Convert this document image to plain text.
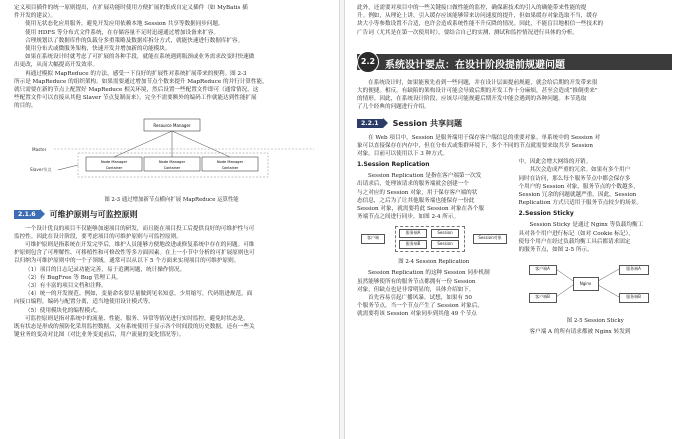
定义项目插件的统一原则提出，在扩展功能时使用方便扩展的集成自定义插件（如 MyBatis 插

件开发的建议）。

使用无状态化应用服务，避免开发应用依赖本地 Session 共享等数据同步问题。

使用 HDFS 等分布式文件系统，在存储容量不足时迅速通过增加设备来扩容。

合理规划以了数据库作的负载分多重策略及数据库拆分方式，就能快速进行数据库扩容。

使用分布式或微服务架构，快速开发并增加新的功能模块。

如果在系统设计时就考虑了可扩展的各种手段，就能在系统遇到瓶颈或业务需求改变时快速做

出更改，从而大幅提高开发效率。

再通过模拟 MapReduce 的方法，感受一下良好的扩展性对系统扩展带来的便利。图 2-3

所示是 MapReduce 的组织架构。如果需要通过增加节点个数来提升 MapReduce 的并行计算性能，

就只需要在新的节点上配置好 MapReduce 相关环境，然后设置一些配置文件即可（通常情况，这

些配置文件可以直接从其他 Slaver 节点复制而来），完全不需要额外的编码工作就能达到性能扩展

的目的。

Master
Resource Manager
Node Manager
Container
Node Manager
Container
Node Manager
Container
Slaver节点
图 2-3 通过增加新节点横向扩展 MapReduce 运算性能
2.1.6	可维护原则与可监控原则

一个设计优良的项目不仅能够加速项目的研发，而且能在项目投工后提供良好的可维护性与可

监控性。因此在设计阶段，要考虑项目的可维护原则与可监控原则。

可维护原则是指系统在开发完毕后，维护人员能够方便地改进或修复系统中存在的问题。可维

护原则包含了可理解性、可移植性和可修改性等多方面因素。在上一小节中分析的可扩展原则也可

以归纳为可维护原则中的一个子领域。通常可以从以下 5 个方面来实现项目的可维护原则。

（1）项目的日志记录功能完善，易于追溯问题，统计操作情况。

（2）有 BugFree 等 Bug 管理工具。

（3）有丰富的项目文档和注释。

（4）统一的开发规范。例如，变量命名要尽量做到见名知意，少用缩写，代码错进规范，面

向接口编程，编码与配置分离，适当地使用设计模式等。

（5）使用模块化的编程模式。

可监控原则是指对系统中的流量、性能、服务、异常等情况进行实时监控，避免时状态是，

既有状态是形成的预防化采用监控数据。又有系统使用于显示各个时间段的历史数据，还有一些关

键业务的变动对比图（对比业务变更前后，用户流量的变化情况等）。

此外，还需要对项目中的一些关键接口做性能的监控，确保新技术的引入的确能带来性能的提

升。例如，从理论上讲，引入缓存应该能够带来访问速度的提升，但如果缓存对象选取不当，缓存

块大小等参数设置不合适，也许会造成系统性能不升反降的情况。因此，不能盲目地相信一些技术的

广告词（尤其是在第一次使用时），要结合自己的实测、测试和监控情况进行具体的分析。

2.2 系统设计要点：在设计阶段提前规避问题

在系统设计时，如果能预先看到一些问题，并在设计层面提前规避，就会给后期的开发带来很

大的便捷。相反，有缺陷的架构设计可能会导致后期的开发工作十分麻烦，甚至会造成“推倒重来”

的情形。因此，在系统设计阶段，应该尽可能规避后期开发中能会遇到的各种问题。本节选取

了几个经典的问题进行介绍。

2.2.1	Session 共享问题

在 Web 项目中，Session 是服务端用于保存客户端信息的重要对象。单系统中的 Session 对

象可以直接保存在内存中，但在分布式或集群环境下，多个不同的节点就需要来取共享 Session

对象。目前可以使用以下 3 种方式。

1.Session Replication

Session Replication 是指在客户端第一次发

出请求后，处理该请求的服务端就会创建一个

与之对应的 Session 对象，用于保存客户端的状

态信息，之后为了让其他服务端也能保存一份此

Session 对象，就需要将此 Session 对象在各个服

务端节点之间进行同步，如图 2-4 所示。

客户端
服务端A
服务端B
Session
Session
Session对象
图 2-4 Session Replication

Session Replication 的这种 Session 同步机制

虽然能够使所有的服务节点都拥有一份 Session

对象，但缺点也是非常明显的，具体介绍如下。

首先容易引起广播风暴。试想，如果有 50

个服务节点，当一个节点产生了 Session 对象后，

就需要将该 Session 对象同步到其他 49 个节点

中，因此会增大网络的开销。

其次会造成严重的冗余。如果有多个用户

同时在访问，那么每个服务节点中都会保存多

个用户的 Session 对象，服务节点的个数越多，

Session 冗余的问题就越严重。因此，Session

Replication 方式只适用于服务节点较少的场景。

2.Session Sticky

Session Sticky 是通过 Nginx 等负载均衡工

具对各个用户进行标记（如对 Cookie 标记），

使每个用户在经过负载均衡工具后都请求固定

的服务节点，如图 2-5 所示。

客户端A
客户端B
Nginx
服务端A
服务端B
图 2-5 Session Sticky

客户端 A 的所有请求都被 Nginx 转发到
